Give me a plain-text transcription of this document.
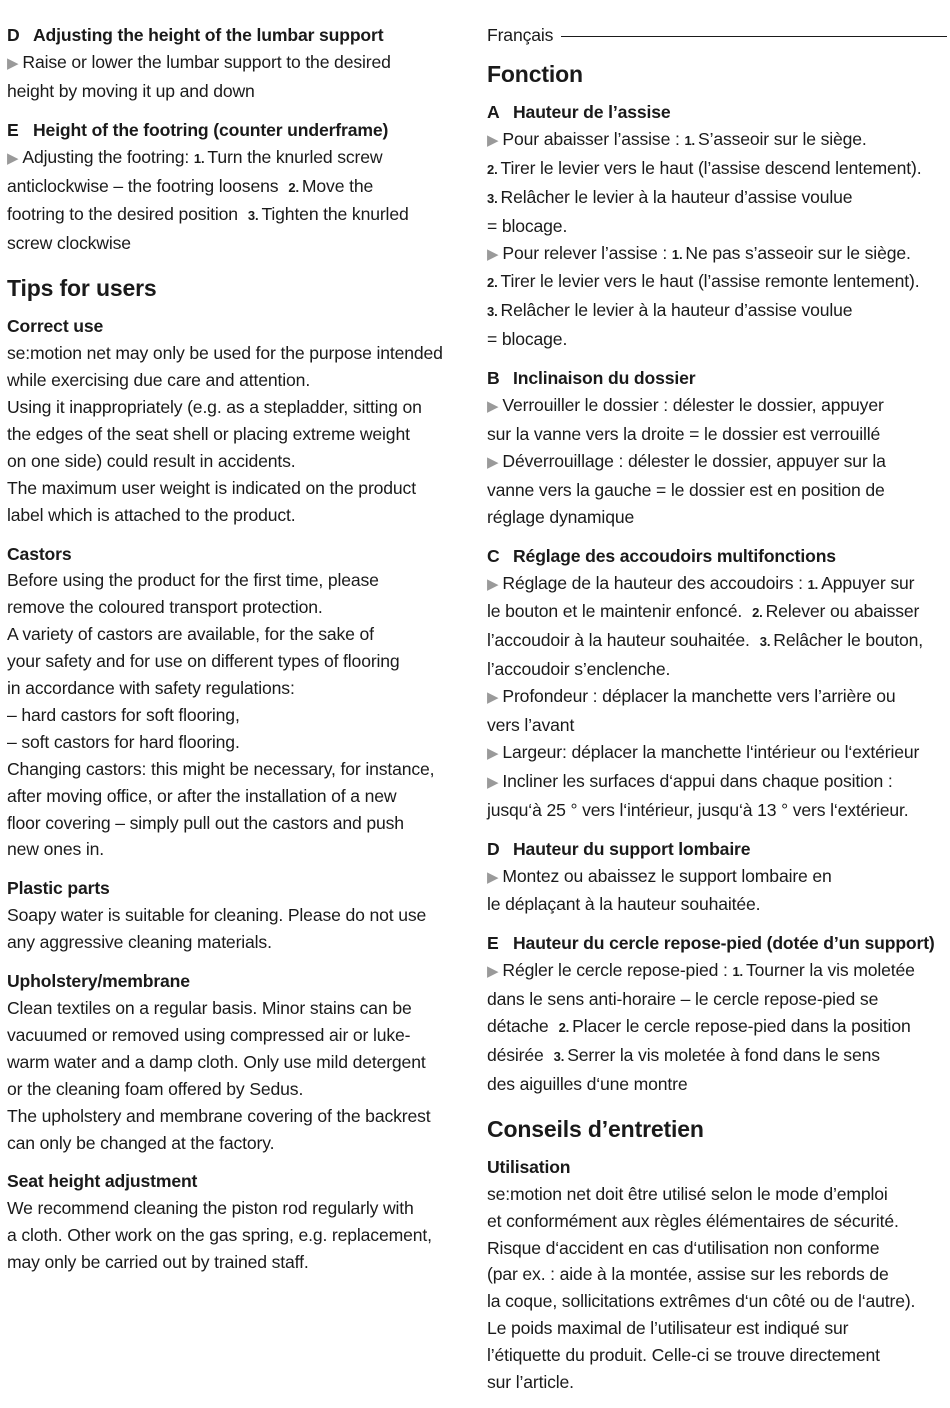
D Adjusting the height of the lumbar support

▶ Raise or lower the lumbar support to the desired

height by moving it up and down

E Height of the footring (counter underframe)

▶ Adjusting the footring: 1. Turn the knurled screw

anticlockwise – the footring loosens 2. Move the

footring to the desired position 3. Tighten the knurled

screw clockwise

Tips for users

Correct use

se:motion net may only be used for the purpose intended

while exercising due care and attention.

Using it inappropriately (e.g. as a stepladder, sitting on

the edges of the seat shell or placing extreme weight

on one side) could result in accidents.

The maximum user weight is indicated on the product

label which is attached to the product.

Castors

Before using the product for the first time, please

remove the coloured transport protection.

A variety of castors are available, for the sake of

your safety and for use on different types of flooring

in accordance with safety regulations:

– hard castors for soft flooring,

– soft castors for hard flooring.

Changing castors: this might be necessary, for instance,

after moving office, or after the installation of a new

floor covering – simply pull out the castors and push

new ones in.

Plastic parts

Soapy water is suitable for cleaning. Please do not use

any aggressive cleaning materials.

Upholstery/membrane

Clean textiles on a regular basis. Minor stains can be

vacuumed or removed using compressed air or luke-

warm water and a damp cloth. Only use mild detergent

or the cleaning foam offered by Sedus.

The upholstery and membrane covering of the backrest

can only be changed at the factory.

Seat height adjustment

We recommend cleaning the piston rod regularly with

a cloth. Other work on the gas spring, e.g. replacement,

may only be carried out by trained staff.

Français
Fonction

A Hauteur de l’assise

▶ Pour abaisser l’assise : 1. S’asseoir sur le siège.

2. Tirer le levier vers le haut (l’assise descend lentement).

3. Relâcher le levier à la hauteur d’assise voulue

= blocage.

▶ Pour relever l’assise : 1. Ne pas s’asseoir sur le siège.

2. Tirer le levier vers le haut (l’assise remonte lentement).

3. Relâcher le levier à la hauteur d’assise voulue

= blocage.

B Inclinaison du dossier

▶ Verrouiller le dossier : délester le dossier, appuyer

sur la vanne vers la droite = le dossier est verrouillé

▶ Déverrouillage : délester le dossier, appuyer sur la

vanne vers la gauche = le dossier est en position de

réglage dynamique

C Réglage des accoudoirs multifonctions

▶ Réglage de la hauteur des accoudoirs : 1. Appuyer sur

le bouton et le maintenir enfoncé. 2. Relever ou abaisser

l’accoudoir à la hauteur souhaitée. 3. Relâcher le bouton,

l’accoudoir s’enclenche.

▶ Profondeur : déplacer la manchette vers l’arrière ou

vers l’avant

▶ Largeur: déplacer la manchette l‘intérieur ou l‘extérieur

▶ Incliner les surfaces d‘appui dans chaque position :

jusqu‘à 25 ° vers l‘intérieur, jusqu‘à 13 ° vers l‘extérieur.

D Hauteur du support lombaire

▶ Montez ou abaissez le support lombaire en

le déplaçant à la hauteur souhaitée.

E Hauteur du cercle repose-pied (dotée d’un support)

▶ Régler le cercle repose-pied : 1. Tourner la vis moletée

dans le sens anti-horaire – le cercle repose-pied se

détache 2. Placer le cercle repose-pied dans la position

désirée 3. Serrer la vis moletée à fond dans le sens

des aiguilles d‘une montre

Conseils d’entretien

Utilisation

se:motion net doit être utilisé selon le mode d’emploi

et conformément aux règles élémentaires de sécurité.

Risque d‘accident en cas d‘utilisation non conforme

(par ex. : aide à la montée, assise sur les rebords de

la coque, sollicitations extrêmes d‘un côté ou de l‘autre).

Le poids maximal de l’utilisateur est indiqué sur

l’étiquette du produit. Celle-ci se trouve directement

sur l’article.
